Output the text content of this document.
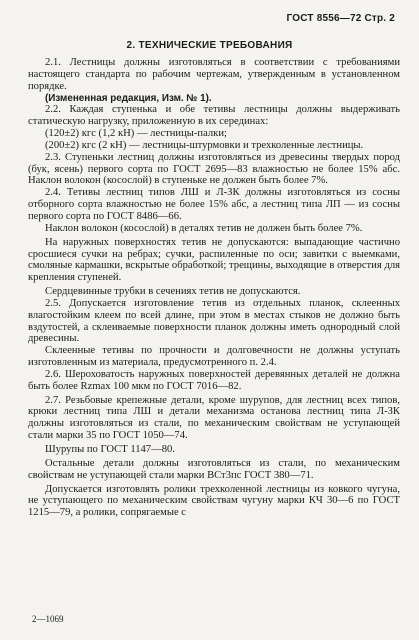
ГОСТ 8556—72 Стр. 2
2. ТЕХНИЧЕСКИЕ ТРЕБОВАНИЯ

2.1. Лестницы должны изготовляться в соответствии с требованиями настоящего стандарта по рабочим чертежам, утвержденным в установленном порядке.

(Измененная редакция, Изм. № 1).

2.2. Каждая ступенька и обе тетивы лестницы должны выдерживать статическую нагрузку, приложенную в их серединах:

(120±2) кгс (1,2 кН) — лестницы-палки;

(200±2) кгс (2 кН) — лестницы-штурмовки и трехколенные лестницы.

2.3. Ступеньки лестниц должны изготовляться из древесины твердых пород (бук, ясень) первого сорта по ГОСТ 2695—83 влажностью не более 15% абс. Наклон волокон (косослой) в ступеньке не должен быть более 7%.

2.4. Тетивы лестниц типов ЛШ и Л-ЗК должны изготовляться из сосны отборного сорта влажностью не более 15% абс, а лестниц типа ЛП — из сосны первого сорта по ГОСТ 8486—66.

Наклон волокон (косослой) в деталях тетив не должен быть более 7%.

На наружных поверхностях тетив не допускаются: выпадающие частично сросшиеся сучки на ребрах; сучки, распиленные по оси; завитки с выемками, смоляные кармашки, вскрытые обработкой; трещины, выходящие в отверстия для крепления ступеней.

Сердцевинные трубки в сечениях тетив не допускаются.

2.5. Допускается изготовление тетив из отдельных планок, склеенных влагостойким клеем по всей длине, при этом в местах стыков не должно быть вздутостей, а склеиваемые поверхности планок должны иметь однородный слой древесины.

Склеенные тетивы по прочности и долговечности не должны уступать изготовленным из материала, предусмотренного п. 2.4.

2.6. Шероховатость наружных поверхностей деревянных деталей не должна быть более Rzmax 100 мкм по ГОСТ 7016—82.

2.7. Резьбовые крепежные детали, кроме шурупов, для лестниц всех типов, крюки лестниц типа ЛШ и детали механизма останова лестниц типа Л-ЗК должны изготовляться из стали, по механическим свойствам не уступающей стали марки 35 по ГОСТ 1050—74.

Шурупы по ГОСТ 1147—80.

Остальные детали должны изготовляться из стали, по механическим свойствам не уступающей стали марки ВСт3пс ГОСТ 380—71.

Допускается изготовлять ролики трехколенной лестницы из ковкого чугуна, не уступающего по механическим свойствам чугуну марки КЧ 30—6 по ГОСТ 1215—79, а ролики, сопрягаемые с

2—1069
